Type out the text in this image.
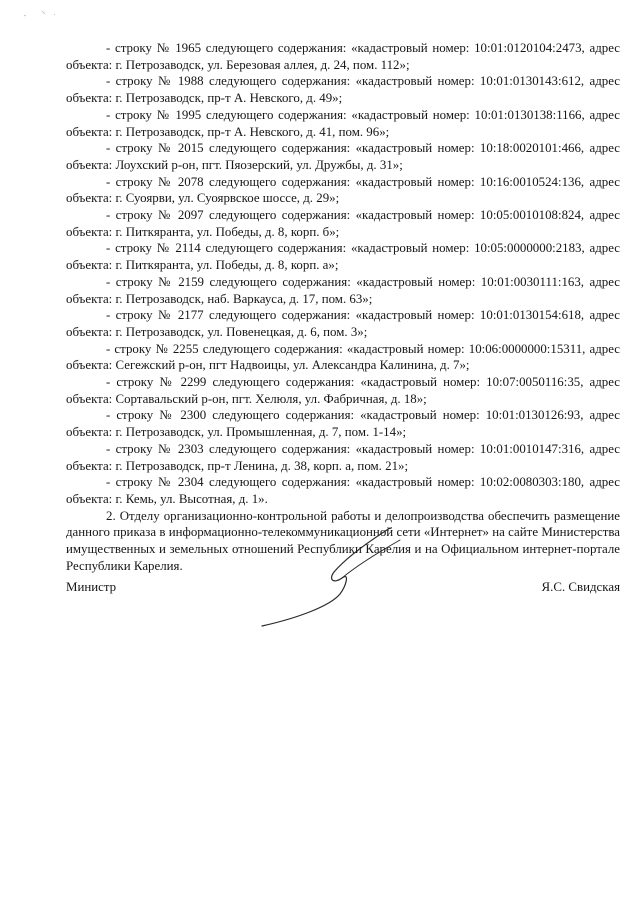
- строку № 1965 следующего содержания: «кадастровый номер: 10:01:0120104:2473, адрес объекта: г. Петрозаводск, ул. Березовая аллея, д. 24, пом. 112»;

- строку № 1988 следующего содержания: «кадастровый номер: 10:01:0130143:612, адрес объекта: г. Петрозаводск, пр-т А. Невского, д. 49»;

- строку № 1995 следующего содержания: «кадастровый номер: 10:01:0130138:1166, адрес объекта: г. Петрозаводск, пр-т А. Невского, д. 41, пом. 96»;

- строку № 2015 следующего содержания: «кадастровый номер: 10:18:0020101:466, адрес объекта: Лоухский р-он, пгт. Пяозерский, ул. Дружбы, д. 31»;

- строку № 2078 следующего содержания: «кадастровый номер: 10:16:0010524:136, адрес объекта: г. Суоярви, ул. Суоярвское шоссе, д. 29»;

- строку № 2097 следующего содержания: «кадастровый номер: 10:05:0010108:824, адрес объекта: г. Питкяранта, ул. Победы, д. 8, корп. б»;

- строку № 2114 следующего содержания: «кадастровый номер: 10:05:0000000:2183, адрес объекта: г. Питкяранта, ул. Победы, д. 8, корп. а»;

- строку № 2159 следующего содержания: «кадастровый номер: 10:01:0030111:163, адрес объекта: г. Петрозаводск, наб. Варкауса, д. 17, пом. 63»;

- строку № 2177 следующего содержания: «кадастровый номер: 10:01:0130154:618, адрес объекта: г. Петрозаводск, ул. Повенецкая, д. 6, пом. 3»;

- строку № 2255 следующего содержания: «кадастровый номер: 10:06:0000000:15311, адрес объекта: Сегежский р-он, пгт Надвоицы, ул. Александра Калинина, д. 7»;

- строку № 2299 следующего содержания: «кадастровый номер: 10:07:0050116:35, адрес объекта: Сортавальский р-он, пгт. Хелюля, ул. Фабричная, д. 18»;

- строку № 2300 следующего содержания: «кадастровый номер: 10:01:0130126:93, адрес объекта: г. Петрозаводск, ул. Промышленная, д. 7, пом. 1-14»;

- строку № 2303 следующего содержания: «кадастровый номер: 10:01:0010147:316, адрес объекта: г. Петрозаводск, пр-т Ленина, д. 38, корп. а, пом. 21»;

- строку № 2304 следующего содержания: «кадастровый номер: 10:02:0080303:180, адрес объекта: г. Кемь, ул. Высотная, д. 1».

2. Отделу организационно-контрольной работы и делопроизводства обеспечить размещение данного приказа в информационно-телекоммуникационной сети «Интернет» на сайте Министерства имущественных и земельных отношений Республики Карелия и на Официальном интернет-портале Республики Карелия.

Министр	Я.С. Свидская
